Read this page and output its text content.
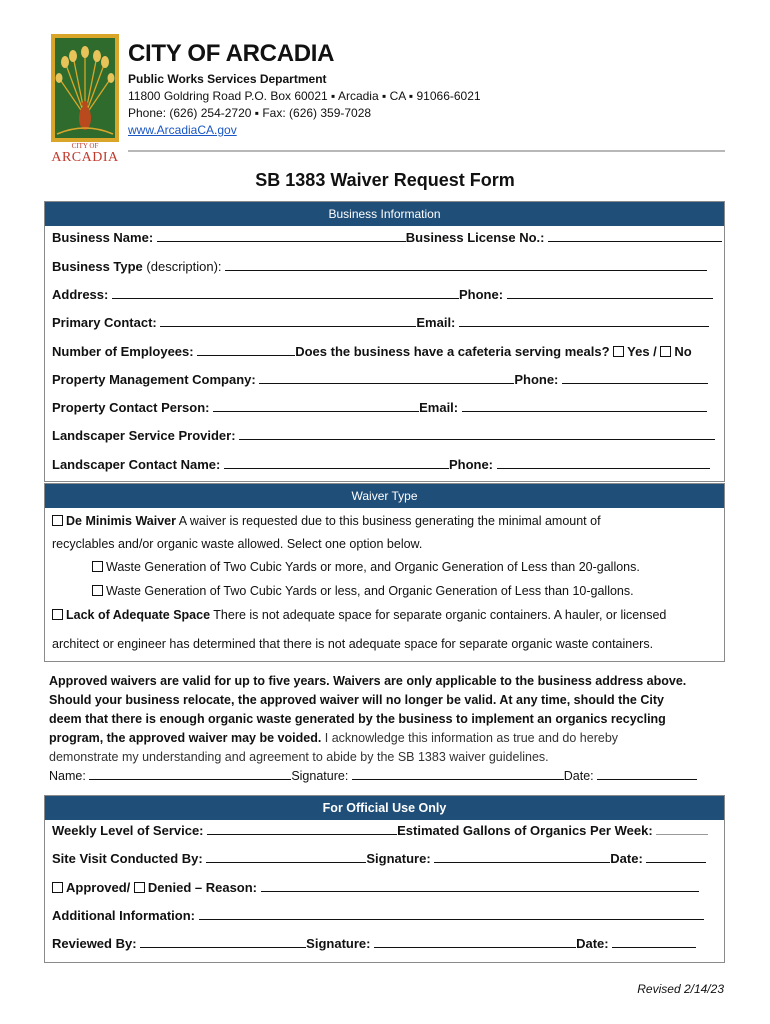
CITY OF
ARCADIA
CITY OF ARCADIA
Public Works Services Department
11800 Goldring Road P.O. Box 60021 ▪ Arcadia ▪ CA ▪ 91066-6021
Phone: (626) 254-2720 ▪ Fax: (626) 359-7028
www.ArcadiaCA.gov
SB 1383 Waiver Request Form
Business Information
Business Name:	Business License No.:
Business Type (description):
Address:	Phone:
Primary Contact:	Email:
Number of Employees:	Does the business have a cafeteria serving meals? Yes / No
Property Management Company:	Phone:
Property Contact Person:	Email:
Landscaper Service Provider:
Landscaper Contact Name:	Phone:
Waiver Type
De Minimis Waiver A waiver is requested due to this business generating the minimal amount of
recyclables and/or organic waste allowed. Select one option below.
Waste Generation of Two Cubic Yards or more, and Organic Generation of Less than 20-gallons.
Waste Generation of Two Cubic Yards or less, and Organic Generation of Less than 10-gallons.
Lack of Adequate Space There is not adequate space for separate organic containers. A hauler, or licensed
architect or engineer has determined that there is not adequate space for separate organic waste containers.
Approved waivers are valid for up to five years. Waivers are only applicable to the business address above.
Should your business relocate, the approved waiver will no longer be valid. At any time, should the City
deem that there is enough organic waste generated by the business to implement an organics recycling
program, the approved waiver may be voided. I acknowledge this information as true and do hereby
demonstrate my understanding and agreement to abide by the SB 1383 waiver guidelines.
Name:	Signature:	Date:
For Official Use Only
Weekly Level of Service:	Estimated Gallons of Organics Per Week:
Site Visit Conducted By:	Signature:	Date:
Approved/ Denied – Reason:
Additional Information:
Reviewed By:	Signature:	Date:
Revised 2/14/23
